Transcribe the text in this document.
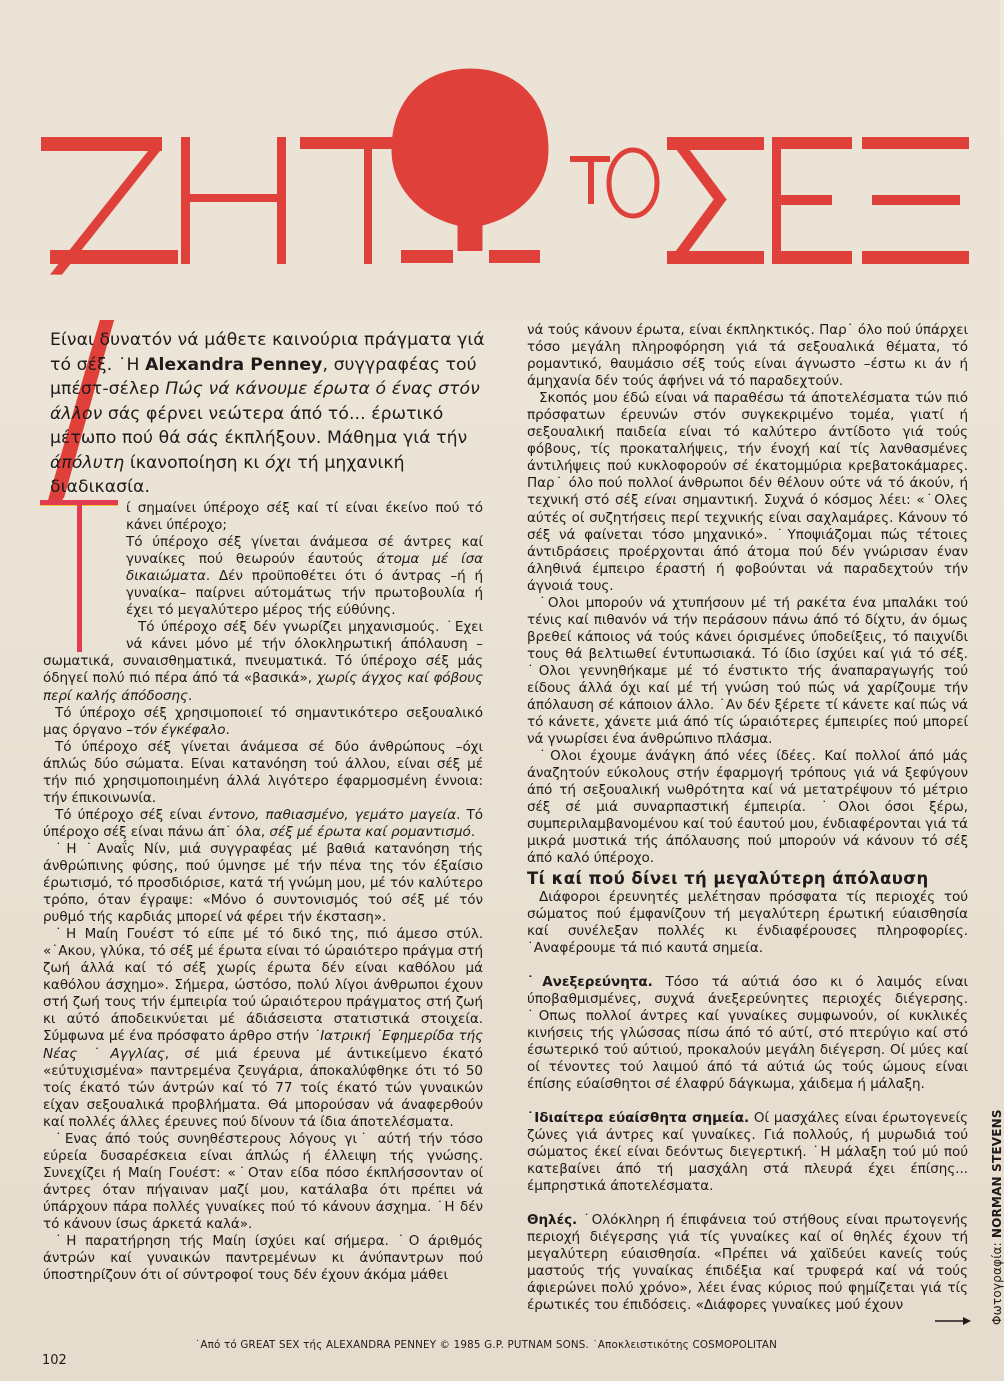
Είναι δυνατόν νά μάθετε καινούρια πράγματα γιά τό σέξ. ˙Η Alexandra Penney, συγγραφέας τού μπέστ-σέλερ Πώς νά κάνουμε έρωτα ό ένας στόν άλλον σάς φέρνει νεώτερα άπό τό... έρωτικό μέτωπο πού θά σάς έκπλήξουν. Μάθημα γιά τήν άπόλυτη ίκανοποίηση κι όχι τή μηχανική διαδικασία.

ί σημαίνει ύπέροχο σέξ καί τί είναι έκείνο πού τό κάνει ύπέροχο;

Τό ύπέροχο σέξ γίνεται άνάμεσα σέ άντρες καί γυναίκες πού θεωρούν έαυτούς άτομα μέ ίσα δικαιώματα. Δέν προϋποθέτει ότι ό άντρας –ή ή γυναίκα– παίρνει αύτομάτως τήν πρωτοβουλία ή έχει τό μεγαλύτερο μέρος τής εύθύνης.

Τό ύπέροχο σέξ δέν γνωρίζει μηχανισμούς. ˙Εχει νά κάνει μόνο μέ τήν όλοκληρωτική άπόλαυση –σωματικά, συναισθηματικά, πνευματικά. Τό ύπέροχο σέξ μάς όδηγεί πολύ πιό πέρα άπό τά «βασικά», χωρίς άγχος καί φόβους περί καλής άπόδοσης.

Τό ύπέροχο σέξ χρησιμοποιεί τό σημαντικότερο σεξουαλικό μας όργανο –τόν έγκέφαλο.

Τό ύπέροχο σέξ γίνεται άνάμεσα σέ δύο άνθρώπους –όχι άπλώς δύο σώματα. Είναι κατανόηση τού άλλου, είναι σέξ μέ τήν πιό χρησιμοποιημένη άλλά λιγότερο έφαρμοσμένη έννοια: τήν έπικοινωνία.

Τό ύπέροχο σέξ είναι έντονο, παθιασμένο, γεμάτο μαγεία. Τό ύπέροχο σέξ είναι πάνω άπ˙ όλα, σέξ μέ έρωτα καί ρομαντισμό.

˙Η ˙Αναΐς Νίν, μιά συγγραφέας μέ βαθιά κατανόηση τής άνθρώπινης φύσης, πού ύμνησε μέ τήν πένα της τόν έξαίσιο έρωτισμό, τό προσδιόρισε, κατά τή γνώμη μου, μέ τόν καλύτερο τρόπο, όταν έγραψε: «Μόνο ό συντονισμός τού σέξ μέ τόν ρυθμό τής καρδιάς μπορεί νά φέρει τήν έκσταση».

˙Η Μαίη Γουέστ τό είπε μέ τό δικό της, πιό άμεσο στύλ. «˙Ακου, γλύκα, τό σέξ μέ έρωτα είναι τό ώραιότερο πράγμα στή ζωή άλλά καί τό σέξ χωρίς έρωτα δέν είναι καθόλου μά καθόλου άσχημο». Σήμερα, ώστόσο, πολύ λίγοι άνθρωποι έχουν στή ζωή τους τήν έμπειρία τού ώραιότερου πράγματος στή ζωή κι αύτό άποδεικνύεται μέ άδιάσειστα στατιστικά στοιχεία. Σύμφωνα μέ ένα πρόσφατο άρθρο στήν ˙Ιατρική ˙Εφημερίδα τής Νέας ˙Αγγλίας, σέ μιά έρευνα μέ άντικείμενο έκατό «εύτυχισμένα» παντρεμένα ζευγάρια, άποκαλύφθηκε ότι τό 50 τοίς έκατό τών άντρών καί τό 77 τοίς έκατό τών γυναικών είχαν σεξουαλικά προβλήματα. Θά μπορούσαν νά άναφερθούν καί πολλές άλλες έρευνες πού δίνουν τά ίδια άποτελέσματα.

˙Ενας άπό τούς συνηθέστερους λόγους γι˙ αύτή τήν τόσο εύρεία δυσαρέσκεια είναι άπλώς ή έλλειψη τής γνώσης. Συνεχίζει ή Μαίη Γουέστ: «˙Οταν είδα πόσο έκπλήσσονταν οί άντρες όταν πήγαιναν μαζί μου, κατάλαβα ότι πρέπει νά ύπάρχουν πάρα πολλές γυναίκες πού τό κάνουν άσχημα. ˙Η δέν τό κάνουν ίσως άρκετά καλά».

˙Η παρατήρηση τής Μαίη ίσχύει καί σήμερα. ˙Ο άριθμός άντρών καί γυναικών παντρεμένων κι άνύπαντρων πού ύποστηρίζουν ότι οί σύντροφοί τους δέν έχουν άκόμα μάθει

νά τούς κάνουν έρωτα, είναι έκπληκτικός. Παρ˙ όλο πού ύπάρχει τόσο μεγάλη πληροφόρηση γιά τά σεξουαλικά θέματα, τό ρομαντικό, θαυμάσιο σέξ τούς είναι άγνωστο –έστω κι άν ή άμηχανία δέν τούς άφήνει νά τό παραδεχτούν.

Σκοπός μου έδώ είναι νά παραθέσω τά άποτελέσματα τών πιό πρόσφατων έρευνών στόν συγκεκριμένο τομέα, γιατί ή σεξουαλική παιδεία είναι τό καλύτερο άντίδοτο γιά τούς φόβους, τίς προκαταλήψεις, τήν ένοχή καί τίς λανθασμένες άντιλήψεις πού κυκλοφορούν σέ έκατομμύρια κρεβατοκάμαρες. Παρ˙ όλο πού πολλοί άνθρωποι δέν θέλουν ούτε νά τό άκούν, ή τεχνική στό σέξ είναι σημαντική. Συχνά ό κόσμος λέει: «˙Ολες αύτές οί συζητήσεις περί τεχνικής είναι σαχλαμάρες. Κάνουν τό σέξ νά φαίνεται τόσο μηχανικό». ˙Υποψιάζομαι πώς τέτοιες άντιδράσεις προέρχονται άπό άτομα πού δέν γνώρισαν έναν άληθινά έμπειρο έραστή ή φοβούνται νά παραδεχτούν τήν άγνοιά τους.

˙Ολοι μπορούν νά χτυπήσουν μέ τή ρακέτα ένα μπαλάκι τού τένις καί πιθανόν νά τήν περάσουν πάνω άπό τό δίχτυ, άν όμως βρεθεί κάποιος νά τούς κάνει όρισμένες ύποδείξεις, τό παιχνίδι τους θά βελτιωθεί έντυπωσιακά. Τό ίδιο ίσχύει καί γιά τό σέξ. ˙Ολοι γεννηθήκαμε μέ τό ένστικτο τής άναπαραγωγής τού είδους άλλά όχι καί μέ τή γνώση τού πώς νά χαρίζουμε τήν άπόλαυση σέ κάποιον άλλο. ˙Αν δέν ξέρετε τί κάνετε καί πώς νά τό κάνετε, χάνετε μιά άπό τίς ώραιότερες έμπειρίες πού μπορεί νά γνωρίσει ένα άνθρώπινο πλάσμα.

˙Ολοι έχουμε άνάγκη άπό νέες ίδέες. Καί πολλοί άπό μάς άναζητούν εύκολους στήν έφαρμογή τρόπους γιά νά ξεφύγουν άπό τή σεξουαλική νωθρότητα καί νά μετατρέψουν τό μέτριο σέξ σέ μιά συναρπαστική έμπειρία. ˙Ολοι όσοι ξέρω, συμπεριλαμβανομένου καί τού έαυτού μου, ένδιαφέρονται γιά τά μικρά μυστικά τής άπόλαυσης πού μπορούν νά κάνουν τό σέξ άπό καλό ύπέροχο.

Τί καί πού δίνει τή μεγαλύτερη άπόλαυση

Διάφοροι έρευνητές μελέτησαν πρόσφατα τίς περιοχές τού σώματος πού έμφανίζουν τή μεγαλύτερη έρωτική εύαισθησία καί συνέλεξαν πολλές κι ένδιαφέρουσες πληροφορίες. ˙Αναφέρουμε τά πιό καυτά σημεία.

˙Ανεξερεύνητα. Τόσο τά αύτιά όσο κι ό λαιμός είναι ύποβαθμισμένες, συχνά άνεξερεύνητες περιοχές διέγερσης. ˙Οπως πολλοί άντρες καί γυναίκες συμφωνούν, οί κυκλικές κινήσεις τής γλώσσας πίσω άπό τό αύτί, στό πτερύγιο καί στό έσωτερικό τού αύτιού, προκαλούν μεγάλη διέγερση. Οί μύες καί οί τένοντες τού λαιμού άπό τά αύτιά ώς τούς ώμους είναι έπίσης εύαίσθητοι σέ έλαφρύ δάγκωμα, χάιδεμα ή μάλαξη.

˙Ιδιαίτερα εύαίσθητα σημεία. Οί μασχάλες είναι έρωτογενείς ζώνες γιά άντρες καί γυναίκες. Γιά πολλούς, ή μυρωδιά τού σώματος έκεί είναι δεόντως διεγερτική. ˙Η μάλαξη τού μύ πού κατεβαίνει άπό τή μασχάλη στά πλευρά έχει έπίσης... έμπρηστικά άποτελέσματα.

Θηλές. ˙Ολόκληρη ή έπιφάνεια τού στήθους είναι πρωτογενής περιοχή διέγερσης γιά τίς γυναίκες καί οί θηλές έχουν τή μεγαλύτερη εύαισθησία. «Πρέπει νά χαϊδεύει κανείς τούς μαστούς τής γυναίκας έπιδέξια καί τρυφερά καί νά τούς άφιερώνει πολύ χρόνο», λέει ένας κύριος πού φημίζεται γιά τίς έρωτικές του έπιδόσεις. «Διάφορες γυναίκες μού έχουν	Φωτογραφία: NORMAN STEVENS
˙Από τό GREAT SEX τής ALEXANDRA PENNEY © 1985 G.P. PUTNAM SONS. ˙Αποκλειστικότης COSMOPOLITAN
102
